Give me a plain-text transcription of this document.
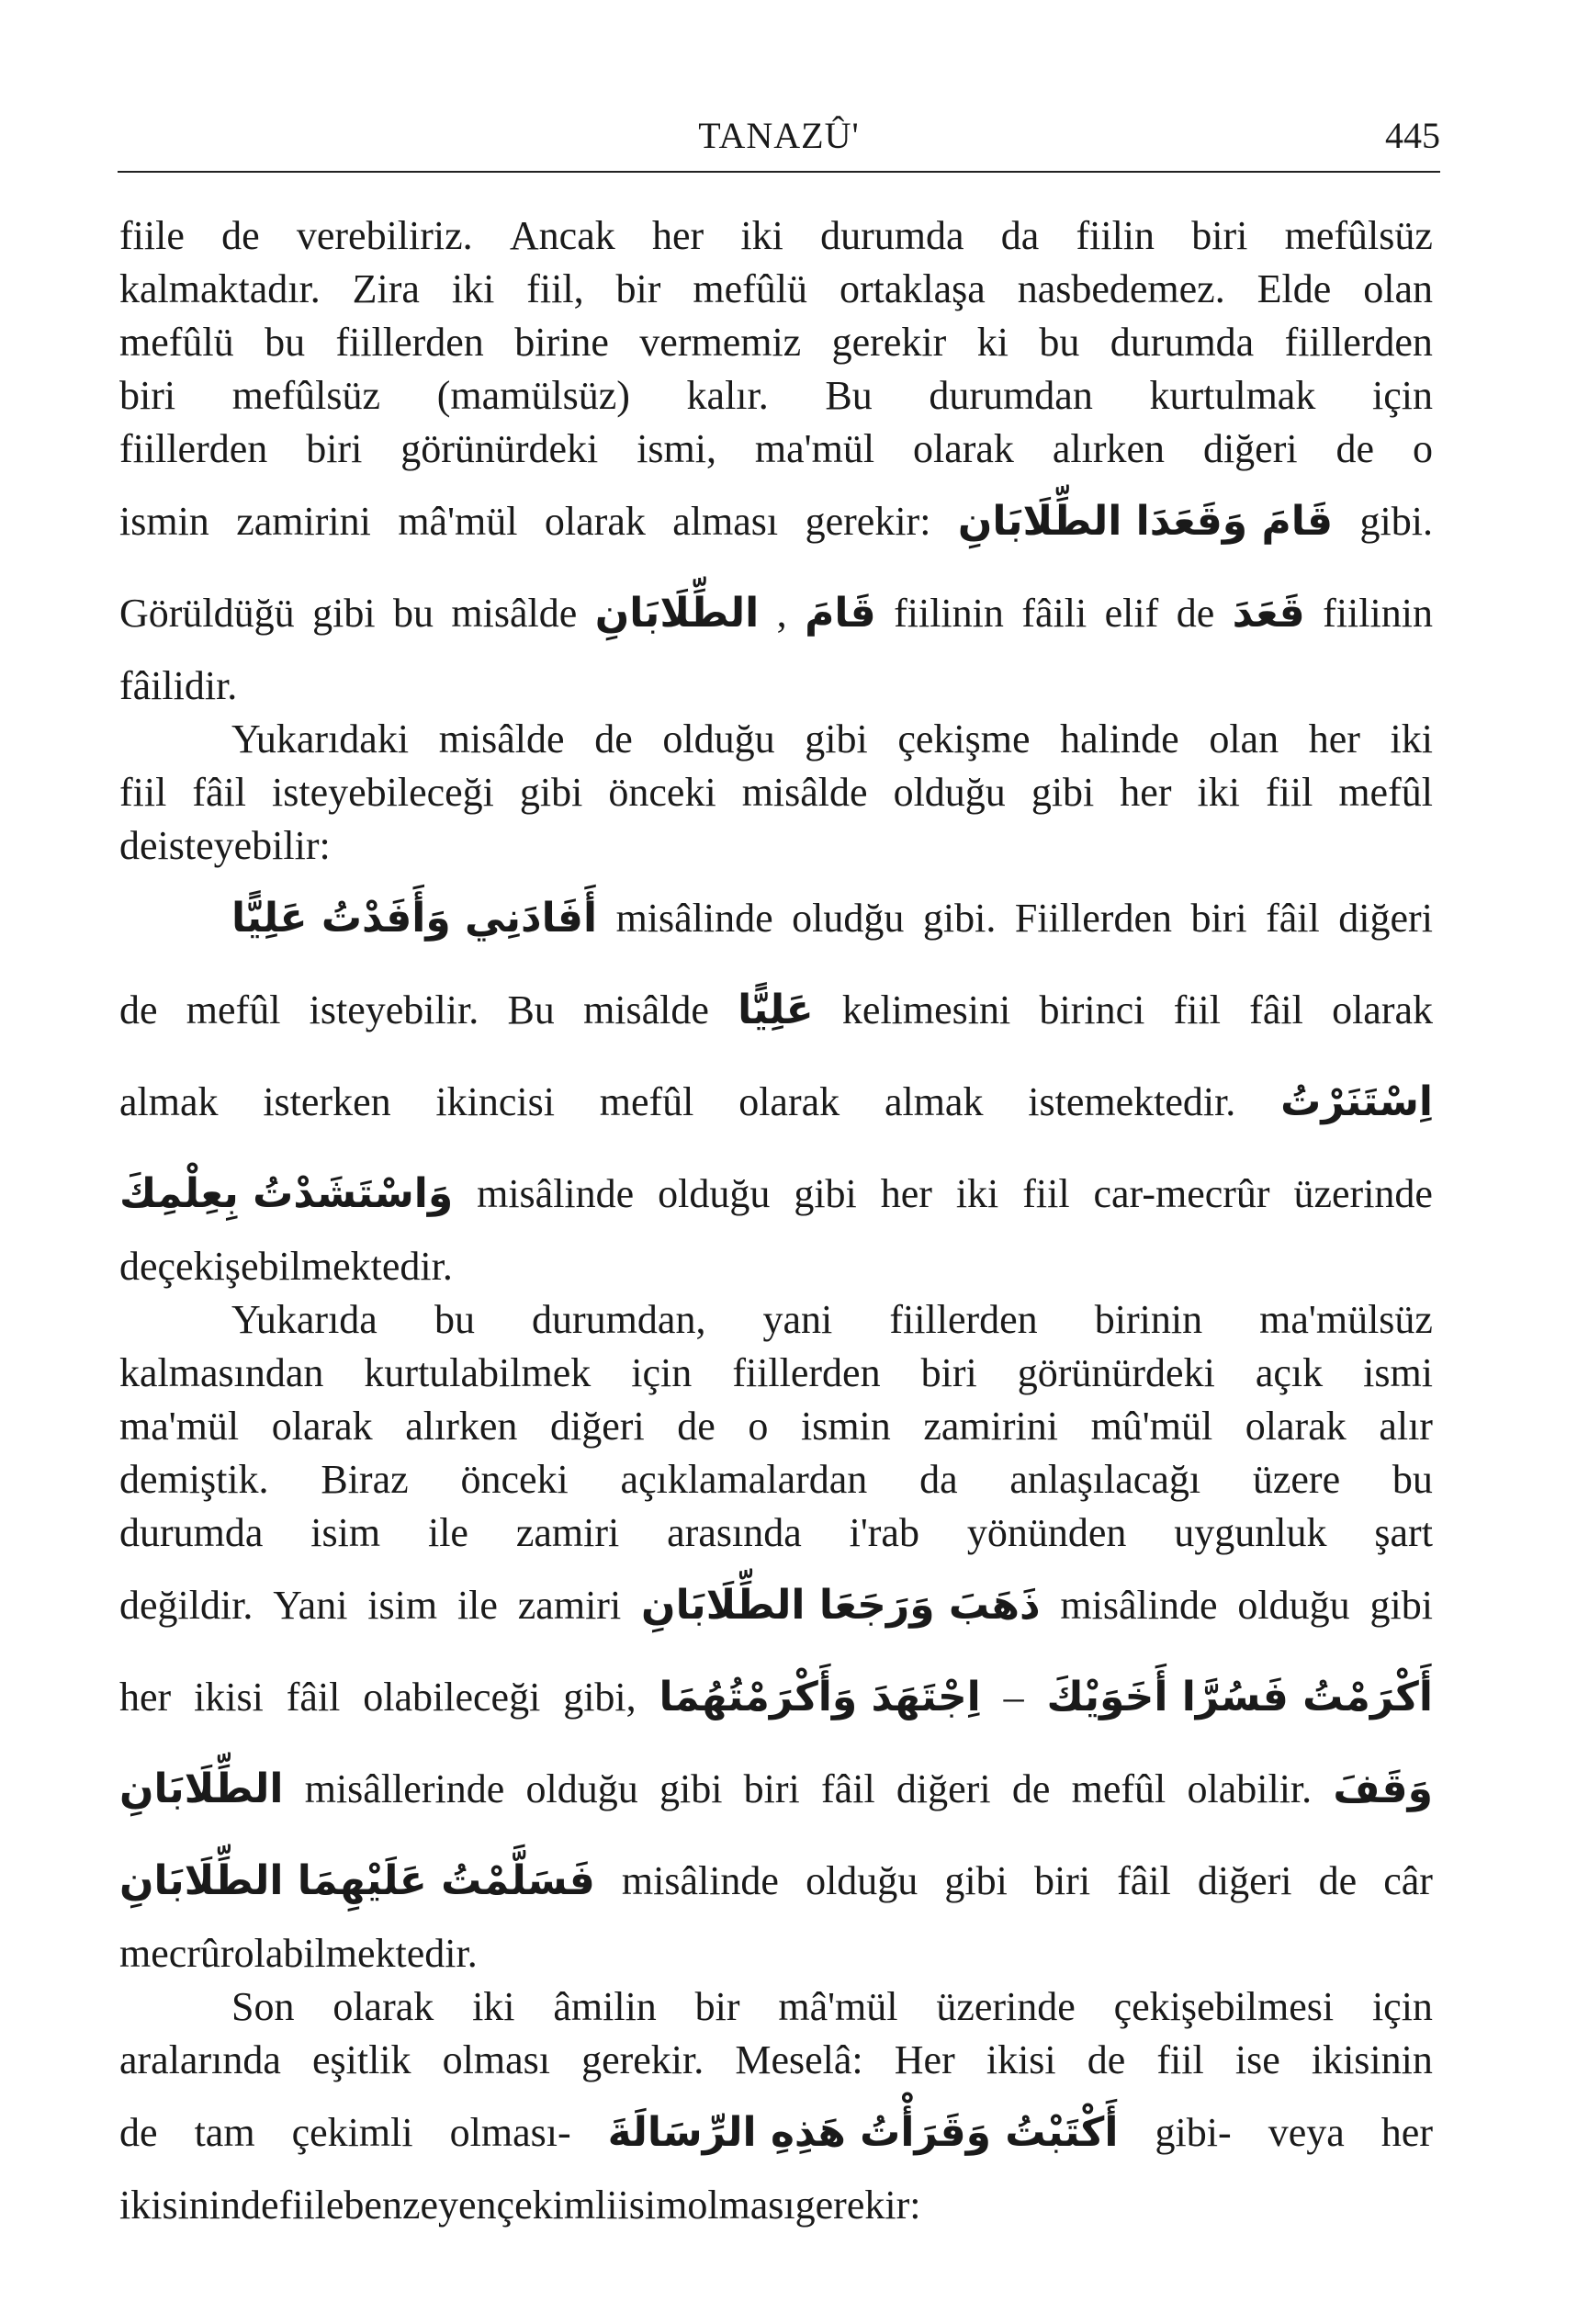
TANAZÛ'	445
fiile de verebiliriz. Ancak her iki durumda da fiilin biri mefûlsüz
kalmaktadır. Zira iki fiil, bir mefûlü ortaklaşa nasbedemez. Elde olan
mefûlü bu fiillerden birine vermemiz gerekir ki bu durumda fiillerden
biri mefûlsüz (mamülsüz) kalır. Bu durumdan kurtulmak için
fiillerden biri görünürdeki ismi, ma'mül olarak alırken diğeri de o
ismin zamirini mâ'mül olarak alması gerekir: قَامَ وَقَعَدَا الطِّلَابَانِ gibi.
Görüldüğü gibi bu misâlde الطِّلَابَانِ , قَامَ fiilinin fâili elif de قَعَدَ fiilinin
fâilidir.
Yukarıdaki misâlde de olduğu gibi çekişme halinde olan her iki
fiil fâil isteyebileceği gibi önceki misâlde olduğu gibi her iki fiil mefûl
de isteyebilir:
أَفَادَنِي وَأَفَدْتُ عَلِيًّا misâlinde oludğu gibi. Fiillerden biri fâil diğeri
de mefûl isteyebilir. Bu misâlde عَلِيًّا kelimesini birinci fiil fâil olarak
almak isterken ikincisi mefûl olarak almak istemektedir. اِسْتَنَرْتُ
وَاسْتَشَدْتُ بِعِلْمِكَ misâlinde olduğu gibi her iki fiil car-mecrûr üzerinde
de çekişebilmektedir.
Yukarıda bu durumdan, yani fiillerden birinin ma'mülsüz
kalmasından kurtulabilmek için fiillerden biri görünürdeki açık ismi
ma'mül olarak alırken diğeri de o ismin zamirini mû'mül olarak alır
demiştik. Biraz önceki açıklamalardan da anlaşılacağı üzere bu
durumda isim ile zamiri arasında i'rab yönünden uygunluk şart
değildir. Yani isim ile zamiri ذَهَبَ وَرَجَعَا الطِّلَابَانِ misâlinde olduğu gibi
her ikisi fâil olabileceği gibi, اِجْتَهَدَ وَأَكْرَمْتُهُمَا – أَكْرَمْتُ فَسُرَّا أَخَوَيْكَ
الطِّلَابَانِ misâllerinde olduğu gibi biri fâil diğeri de mefûl olabilir. وَقَفَ
فَسَلَّمْتُ عَلَيْهِمَا الطِّلَابَانِ misâlinde olduğu gibi biri fâil diğeri de câr
mecrûr olabilmektedir.
Son olarak iki âmilin bir mâ'mül üzerinde çekişebilmesi için
aralarında eşitlik olması gerekir. Meselâ: Her ikisi de fiil ise ikisinin
de tam çekimli olması- أَكْتَبْتُ وَقَرَأْتُ هَذِهِ الرِّسَالَةَ gibi- veya her
ikisinin de fiile benzeyen çekimli isim olması gerekir:
